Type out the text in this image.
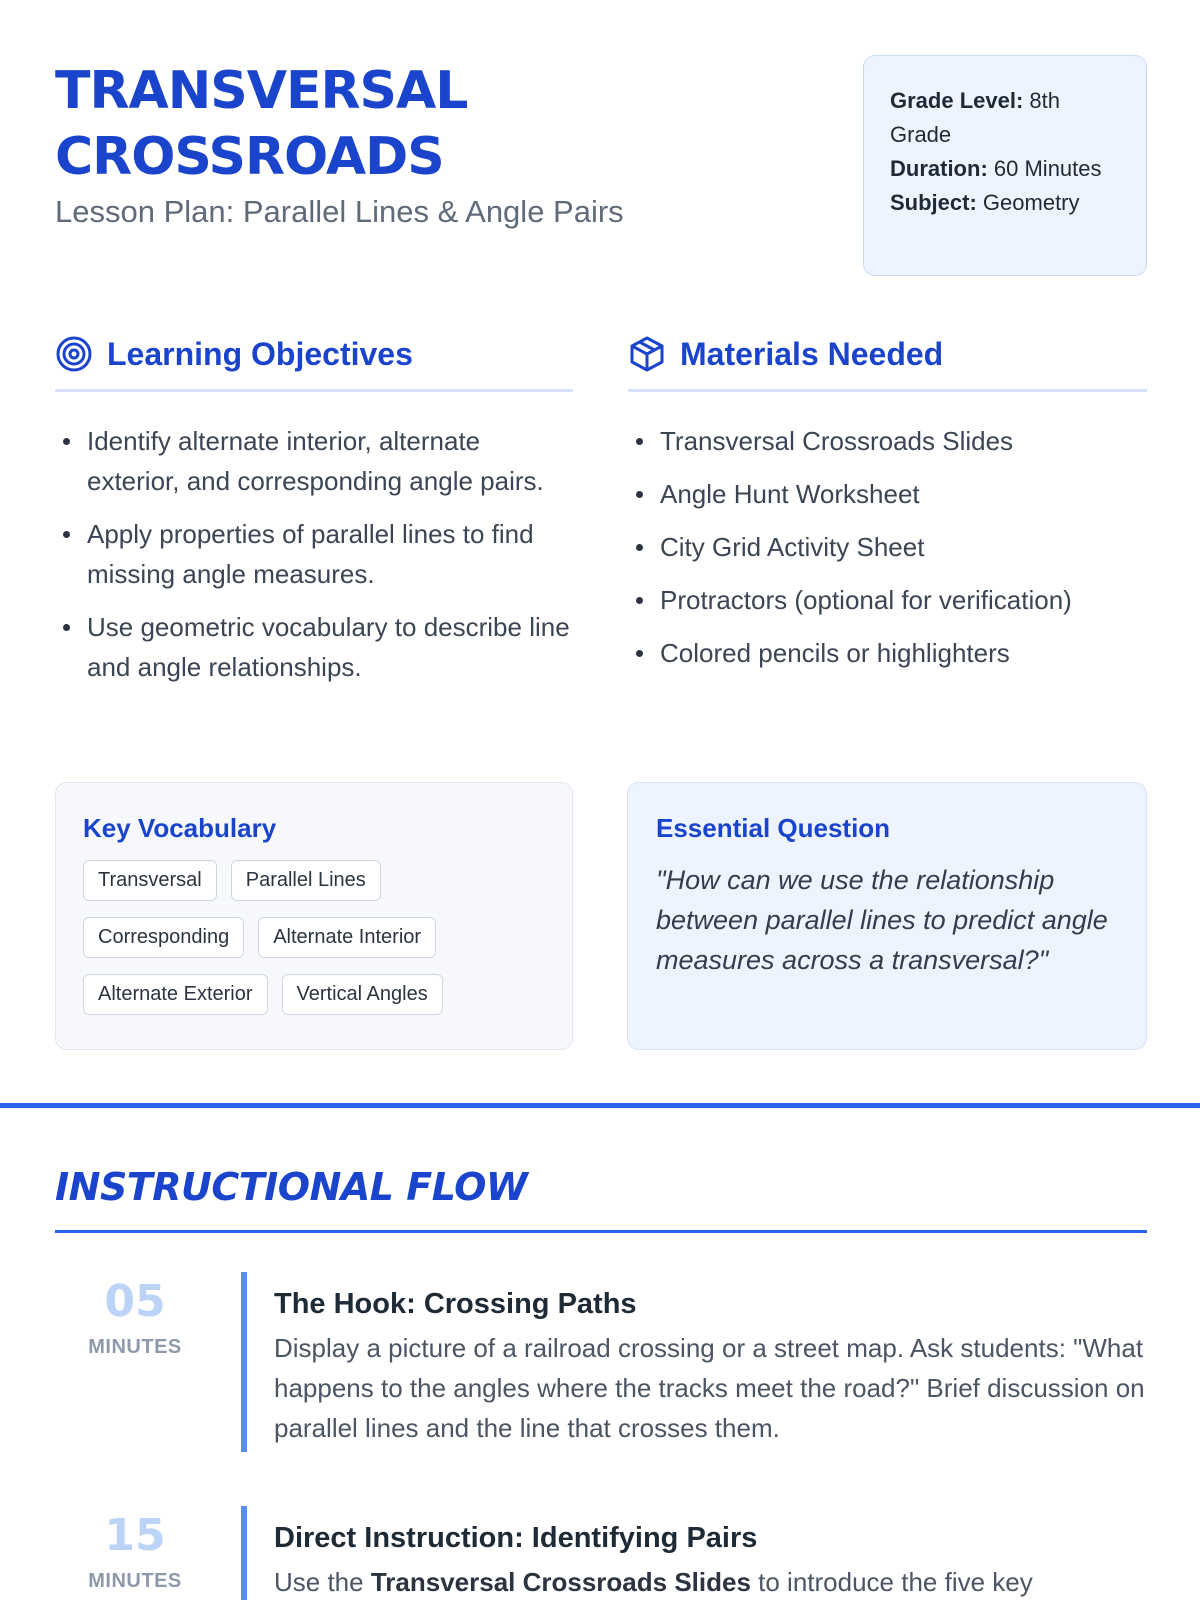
TRANSVERSAL
CROSSROADS
Lesson Plan: Parallel Lines & Angle Pairs
Grade Level: 8th Grade
Duration: 60 Minutes
Subject: Geometry
Learning Objectives
Identify alternate interior, alternate exterior, and corresponding angle pairs.
Apply properties of parallel lines to find missing angle measures.
Use geometric vocabulary to describe line and angle relationships.
Materials Needed
Transversal Crossroads Slides
Angle Hunt Worksheet
City Grid Activity Sheet
Protractors (optional for verification)
Colored pencils or highlighters
Key Vocabulary
Transversal	Parallel Lines
Corresponding	Alternate Interior
Alternate Exterior	Vertical Angles
Essential Question
"How can we use the relationship between parallel lines to predict angle measures across a transversal?"
INSTRUCTIONAL FLOW
05
MINUTES
The Hook: Crossing Paths
Display a picture of a railroad crossing or a street map. Ask students: "What happens to the angles where the tracks meet the road?" Brief discussion on parallel lines and the line that crosses them.
15
MINUTES
Direct Instruction: Identifying Pairs
Use the Transversal Crossroads Slides to introduce the five key
